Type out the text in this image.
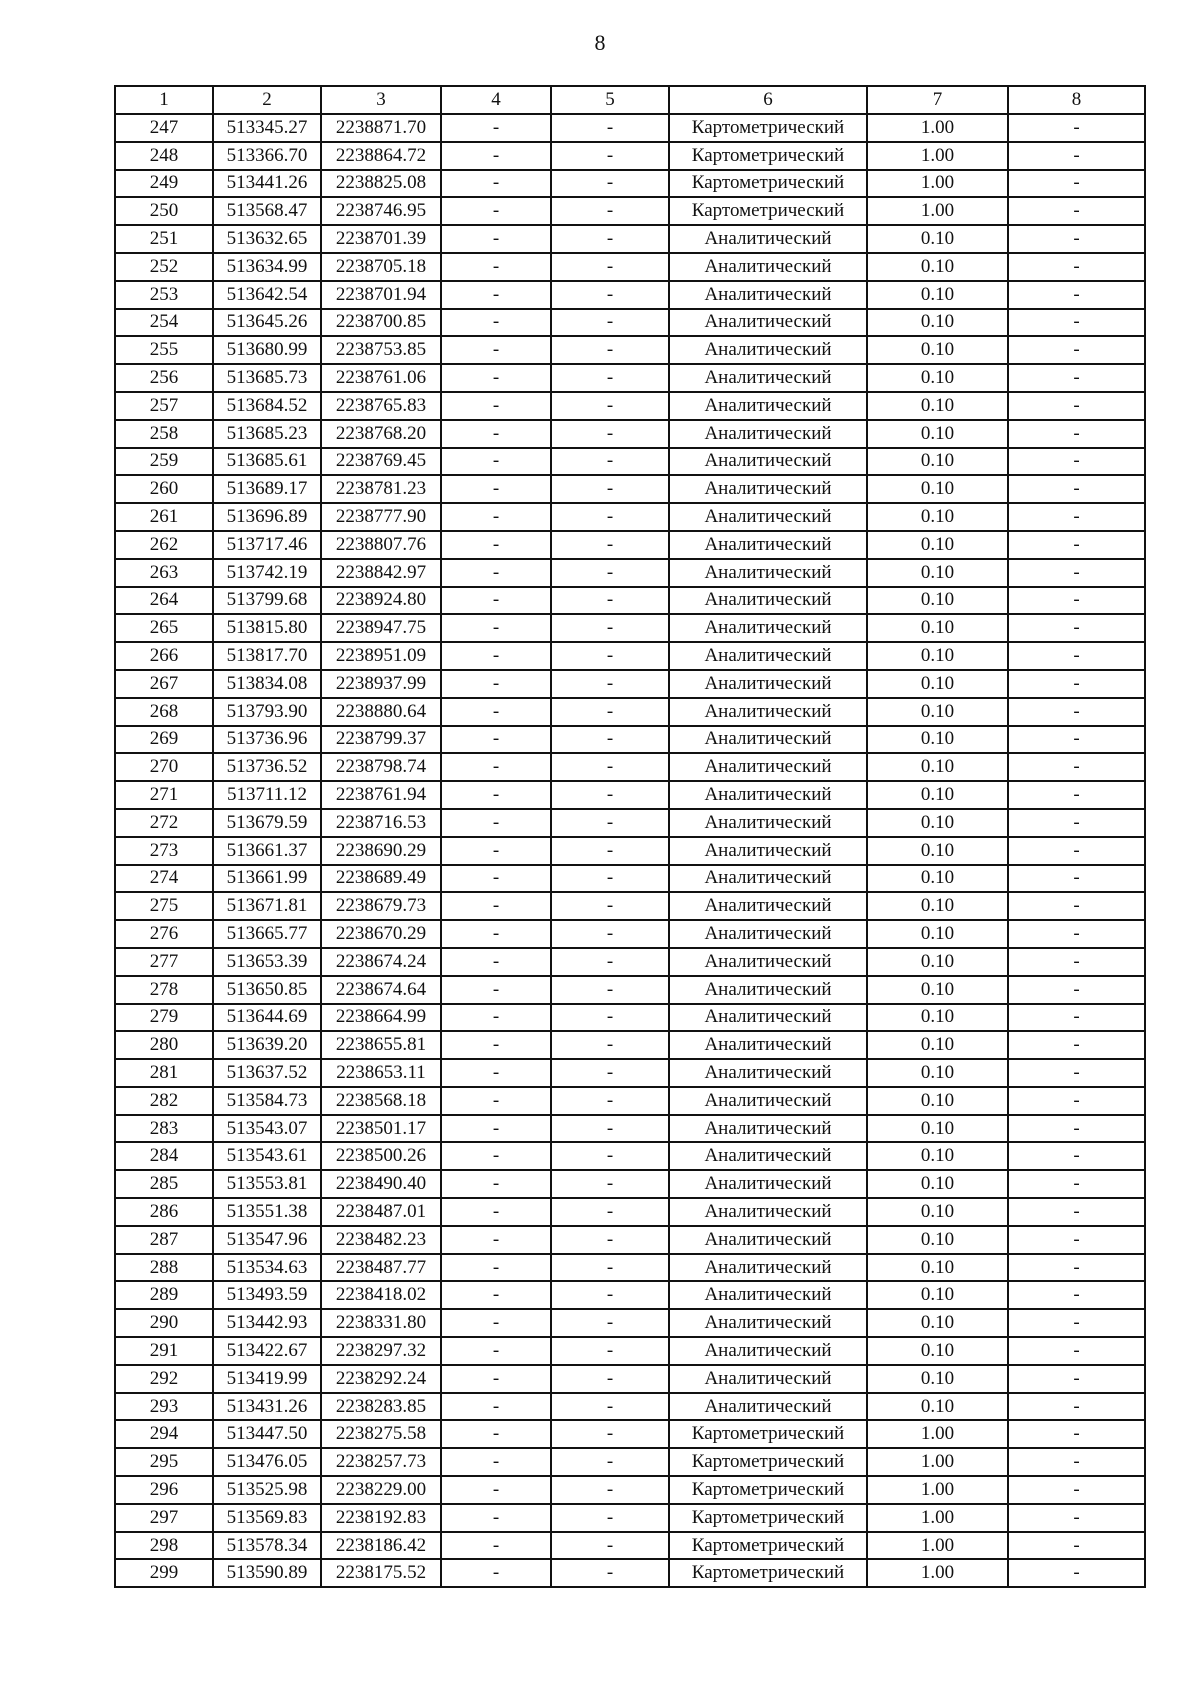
8
1	2	3	4	5	6	7	8
247	513345.27	2238871.70	-	-	Картометрический	1.00	-
248	513366.70	2238864.72	-	-	Картометрический	1.00	-
249	513441.26	2238825.08	-	-	Картометрический	1.00	-
250	513568.47	2238746.95	-	-	Картометрический	1.00	-
251	513632.65	2238701.39	-	-	Аналитический	0.10	-
252	513634.99	2238705.18	-	-	Аналитический	0.10	-
253	513642.54	2238701.94	-	-	Аналитический	0.10	-
254	513645.26	2238700.85	-	-	Аналитический	0.10	-
255	513680.99	2238753.85	-	-	Аналитический	0.10	-
256	513685.73	2238761.06	-	-	Аналитический	0.10	-
257	513684.52	2238765.83	-	-	Аналитический	0.10	-
258	513685.23	2238768.20	-	-	Аналитический	0.10	-
259	513685.61	2238769.45	-	-	Аналитический	0.10	-
260	513689.17	2238781.23	-	-	Аналитический	0.10	-
261	513696.89	2238777.90	-	-	Аналитический	0.10	-
262	513717.46	2238807.76	-	-	Аналитический	0.10	-
263	513742.19	2238842.97	-	-	Аналитический	0.10	-
264	513799.68	2238924.80	-	-	Аналитический	0.10	-
265	513815.80	2238947.75	-	-	Аналитический	0.10	-
266	513817.70	2238951.09	-	-	Аналитический	0.10	-
267	513834.08	2238937.99	-	-	Аналитический	0.10	-
268	513793.90	2238880.64	-	-	Аналитический	0.10	-
269	513736.96	2238799.37	-	-	Аналитический	0.10	-
270	513736.52	2238798.74	-	-	Аналитический	0.10	-
271	513711.12	2238761.94	-	-	Аналитический	0.10	-
272	513679.59	2238716.53	-	-	Аналитический	0.10	-
273	513661.37	2238690.29	-	-	Аналитический	0.10	-
274	513661.99	2238689.49	-	-	Аналитический	0.10	-
275	513671.81	2238679.73	-	-	Аналитический	0.10	-
276	513665.77	2238670.29	-	-	Аналитический	0.10	-
277	513653.39	2238674.24	-	-	Аналитический	0.10	-
278	513650.85	2238674.64	-	-	Аналитический	0.10	-
279	513644.69	2238664.99	-	-	Аналитический	0.10	-
280	513639.20	2238655.81	-	-	Аналитический	0.10	-
281	513637.52	2238653.11	-	-	Аналитический	0.10	-
282	513584.73	2238568.18	-	-	Аналитический	0.10	-
283	513543.07	2238501.17	-	-	Аналитический	0.10	-
284	513543.61	2238500.26	-	-	Аналитический	0.10	-
285	513553.81	2238490.40	-	-	Аналитический	0.10	-
286	513551.38	2238487.01	-	-	Аналитический	0.10	-
287	513547.96	2238482.23	-	-	Аналитический	0.10	-
288	513534.63	2238487.77	-	-	Аналитический	0.10	-
289	513493.59	2238418.02	-	-	Аналитический	0.10	-
290	513442.93	2238331.80	-	-	Аналитический	0.10	-
291	513422.67	2238297.32	-	-	Аналитический	0.10	-
292	513419.99	2238292.24	-	-	Аналитический	0.10	-
293	513431.26	2238283.85	-	-	Аналитический	0.10	-
294	513447.50	2238275.58	-	-	Картометрический	1.00	-
295	513476.05	2238257.73	-	-	Картометрический	1.00	-
296	513525.98	2238229.00	-	-	Картометрический	1.00	-
297	513569.83	2238192.83	-	-	Картометрический	1.00	-
298	513578.34	2238186.42	-	-	Картометрический	1.00	-
299	513590.89	2238175.52	-	-	Картометрический	1.00	-
